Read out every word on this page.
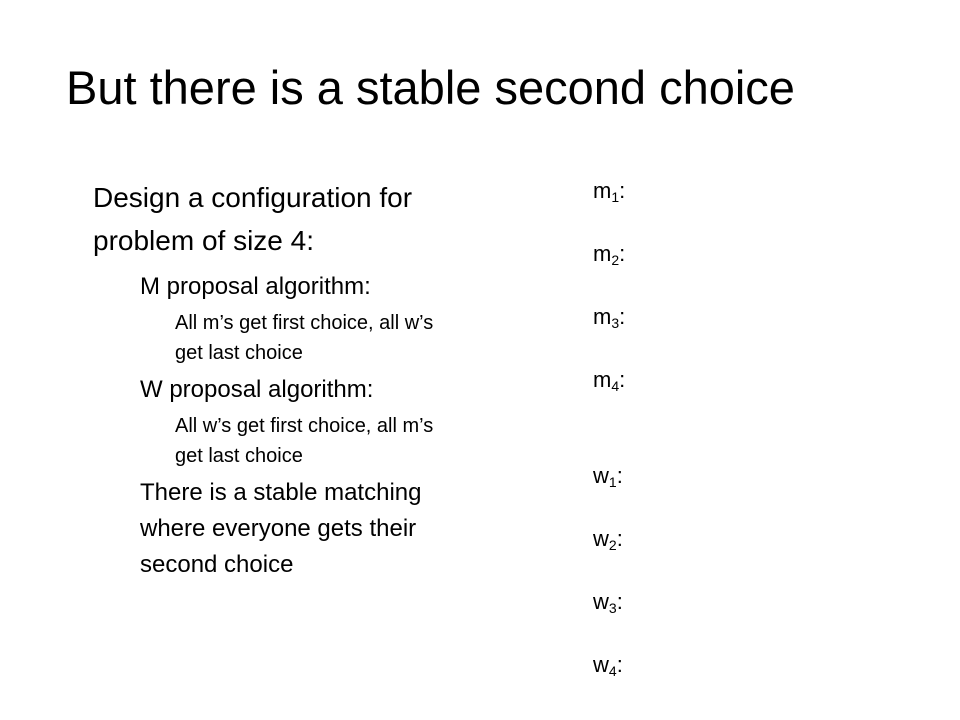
But there is a stable second choice

Design a configuration for

problem of size 4:

M proposal algorithm:

All m’s get first choice, all w’s
get last choice

W proposal algorithm:

All w’s get first choice, all m’s
get last choice

There is a stable matching

where everyone gets their

second choice

$m_1$:
$m_2$:
$m_3$:
$m_4$:
$w_1$:
$w_2$:
$w_3$:
$w_4$:
